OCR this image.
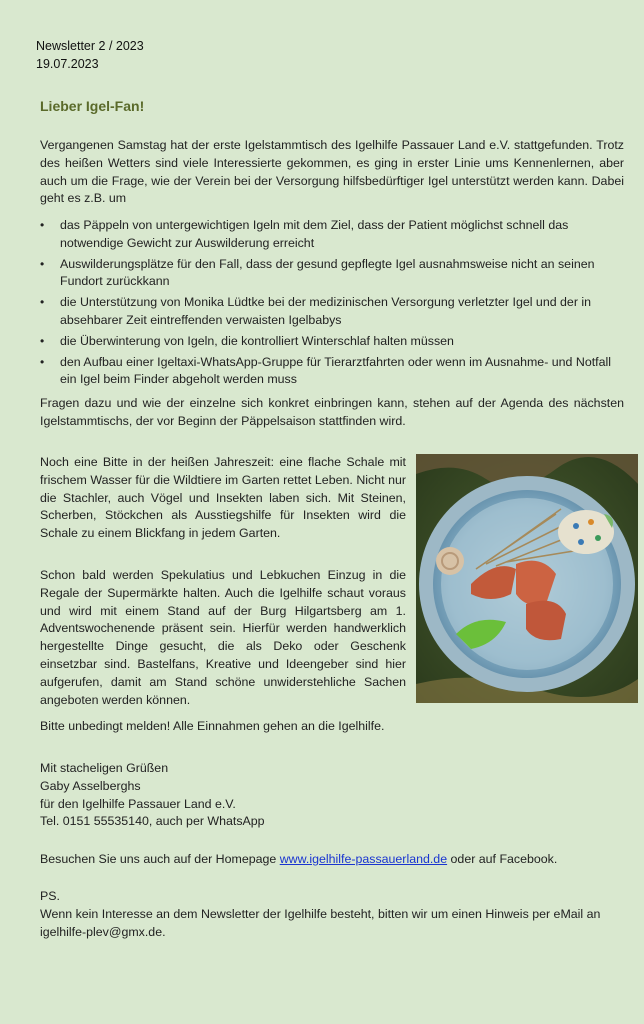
Newsletter 2 / 2023
19.07.2023
Lieber Igel-Fan!
Vergangenen Samstag hat der erste Igelstammtisch des Igelhilfe Passauer Land e.V. stattgefunden. Trotz des heißen Wetters sind viele Interessierte gekommen, es ging in erster Linie ums Kennenlernen, aber auch um die Frage, wie der Verein bei der Versorgung hilfsbedürftiger Igel unterstützt werden kann. Dabei geht es z.B. um
• das Päppeln von untergewichtigen Igeln mit dem Ziel, dass der Patient möglichst schnell das notwendige Gewicht zur Auswilderung erreicht
• Auswilderungsplätze für den Fall, dass der gesund gepflegte Igel ausnahmsweise nicht an seinen Fundort zurückkann
• die Unterstützung von Monika Lüdtke bei der medizinischen Versorgung verletzter Igel und der in absehbarer Zeit eintreffenden verwaisten Igelbabys
• die Überwinterung von Igeln, die kontrolliert Winterschlaf halten müssen
• den Aufbau einer Igeltaxi-WhatsApp-Gruppe für Tierarztfahrten oder wenn im Ausnahme- und Notfall ein Igel beim Finder abgeholt werden muss
Fragen dazu und wie der einzelne sich konkret einbringen kann, stehen auf der Agenda des nächsten Igelstammtischs, der vor Beginn der Päppelsaison stattfinden wird.
Noch eine Bitte in der heißen Jahreszeit: eine flache Schale mit frischem Wasser für die Wildtiere im Garten rettet Leben. Nicht nur die Stachler, auch Vögel und Insekten laben sich. Mit Steinen, Scherben, Stöckchen als Ausstiegshilfe für Insekten wird die Schale zu einem Blickfang in jedem Garten.
Schon bald werden Spekulatius und Lebkuchen Einzug in die Regale der Supermärkte halten. Auch die Igelhilfe schaut voraus und wird mit einem Stand auf der Burg Hilgartsberg am 1. Adventswochenende präsent sein. Hierfür werden handwerklich hergestellte Dinge gesucht, die als Deko oder Geschenk einsetzbar sind. Bastelfans, Kreative und Ideengeber sind hier aufgerufen, damit am Stand schöne unwiderstehliche Sachen angeboten werden können.
Bitte unbedingt melden! Alle Einnahmen gehen an die Igelhilfe.
Mit stacheligen Grüßen
Gaby Asselberghs
für den Igelhilfe Passauer Land e.V.
Tel. 0151 55535140, auch per WhatsApp
Besuchen Sie uns auch auf der Homepage www.igelhilfe-passauerland.de oder auf Facebook.
PS.
Wenn kein Interesse an dem Newsletter der Igelhilfe besteht, bitten wir um einen Hinweis per eMail an igelhilfe-plev@gmx.de.
